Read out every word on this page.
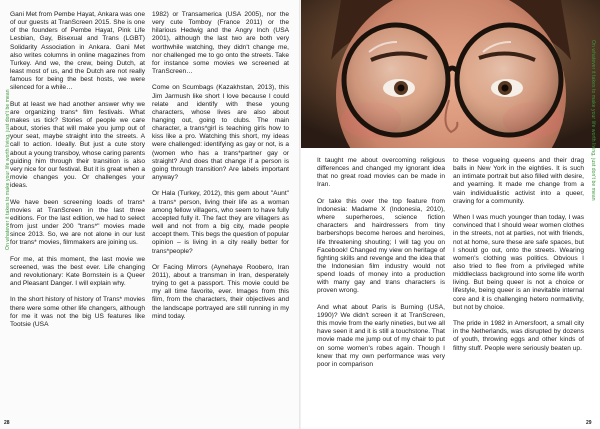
Gani Met from Pembe Hayat, Ankara was one of our guests at TranScreen 2015. She is one of the founders of Pembe Hayat, Pink Life Lesbian, Gay, Bisexual and Trans (LGBT) Solidarity Association in Ankara. Gani Met also writes columns in online magazines from Turkey. And we, the crew, being Dutch, at least most of us, and the Dutch are not really famous for being the best hosts, we were silenced for a while…

But at least we had another answer why we are organizing trans* film festivals. What makes us tick? Stories of people we care about, stories that will make you jump out of your seat, maybe straight into the streets. A call to action. Ideally. But just a cute story about a young transboy, whose caring parents guiding him through their transition is also very nice for our festival. But it is great when a movie changes you. Or challenges your ideas.

We have been screening loads of trans* movies at TranScreen in the last three editions. For the last edition, we had to select from just under 200 "trans*" movies made since 2013. So, we are not alone in our lust for trans* movies, filmmakers are joining us.

For me, at this moment, the last movie we screened, was the best ever. Life changing and revolutionary: Kate Bornstein is a Queer and Pleasant Danger. I will explain why.

In the short history of history of Trans* movies there were some other life changers, although for me it was not the big US features like Tootsie (USA

1982) or Transamerica (USA 2005), nor the very cute Tomboy (France 2011) or the hilarious Hedwig and the Angry Inch (USA 2001), although the last two are both very worthwhile watching, they didn't change me, nor challenged me to go onto the streets. Take for instance some movies we screened at TranScreen…

Come on Scumbags (Kazakhstan, 2013), this Jim Jarmush like short I love because I could relate and identify with these young characters, whose lives are also about hanging out, going to clubs. The main character, a trans*girl is teaching girls how to kiss like a pro. Watching this short, my ideas were challenged: identifying as gay or not, is a (women who has a trans*partner gay or straight? And does that change if a person is going through transition? Are labels important anyway?

Or Hala (Turkey, 2012), this gem about "Aunt" a trans* person, living their life as a woman among fellow villagers, who seem to have fully accepted fully it. The fact they are villagers as well and not from a big city, made people accept them. This begs the question of popular opinion – is living in a city really better for trans*people?

Or Facing Mirrors (Aynehaye Roobero, Iran 2011), about a transman in Iran, desperately trying to get a passport. This movie could be my all time favorite, ever. Images from this film, from the characters, their objectives and the landscape portrayed are still running in my mind today.

It taught me about overcoming religious differences and changed my ignorant idea that no great road movies can be made in Iran.

Or take this over the top feature from Indonesia: Madame X (Indonesia, 2010), where superheroes, science fiction characters and hairdressers from tiny barbershops become heroes and heroines, life threatening shouting; I will tag you on Facebook! Changed my view on heritage of fighting skills and revenge and the idea that the Indonesian film industry would not spend loads of money into a production with many gay and trans characters is proven wrong.

And what about Paris is Burning (USA, 1990)? We didn't screen it at TranScreen, this movie from the early nineties, but we all have seen it and it is still a touchstone. That movie made me jump out of my chair to put on some women's robes again. Though I knew that my own performance was very poor in comparison

to these vogueing queens and their drag balls in New York in the eighties. It is such an intimate portrait but also filled with desire, and yearning. It made me change from a vain individualistic activist into a queer, craving for a community.

When I was much younger than today, I was convinced that I should wear women clothes in the streets, not at parties, not with friends, not at home, sure these are safe spaces, but I should go out, onto the streets. Wearing women's clothing was politics. Obvious I also tried to flee from a privileged white middleclass background into some life worth living. But being queer is not a choice or lifestyle, being queer is an inevitable internal core and it is challenging hetero normativity, but not by choice.

The pride in 1982 in Amersfoort, a small city in the Netherlands, was disrupted by dozens of youth, throwing eggs and other kinds of filthy stuff. People were seriously beaten up.

On whatever it takes to make your life worth living, just don't be mean	On whatever it takes to make your life worth living, just don't be mean
28	29
